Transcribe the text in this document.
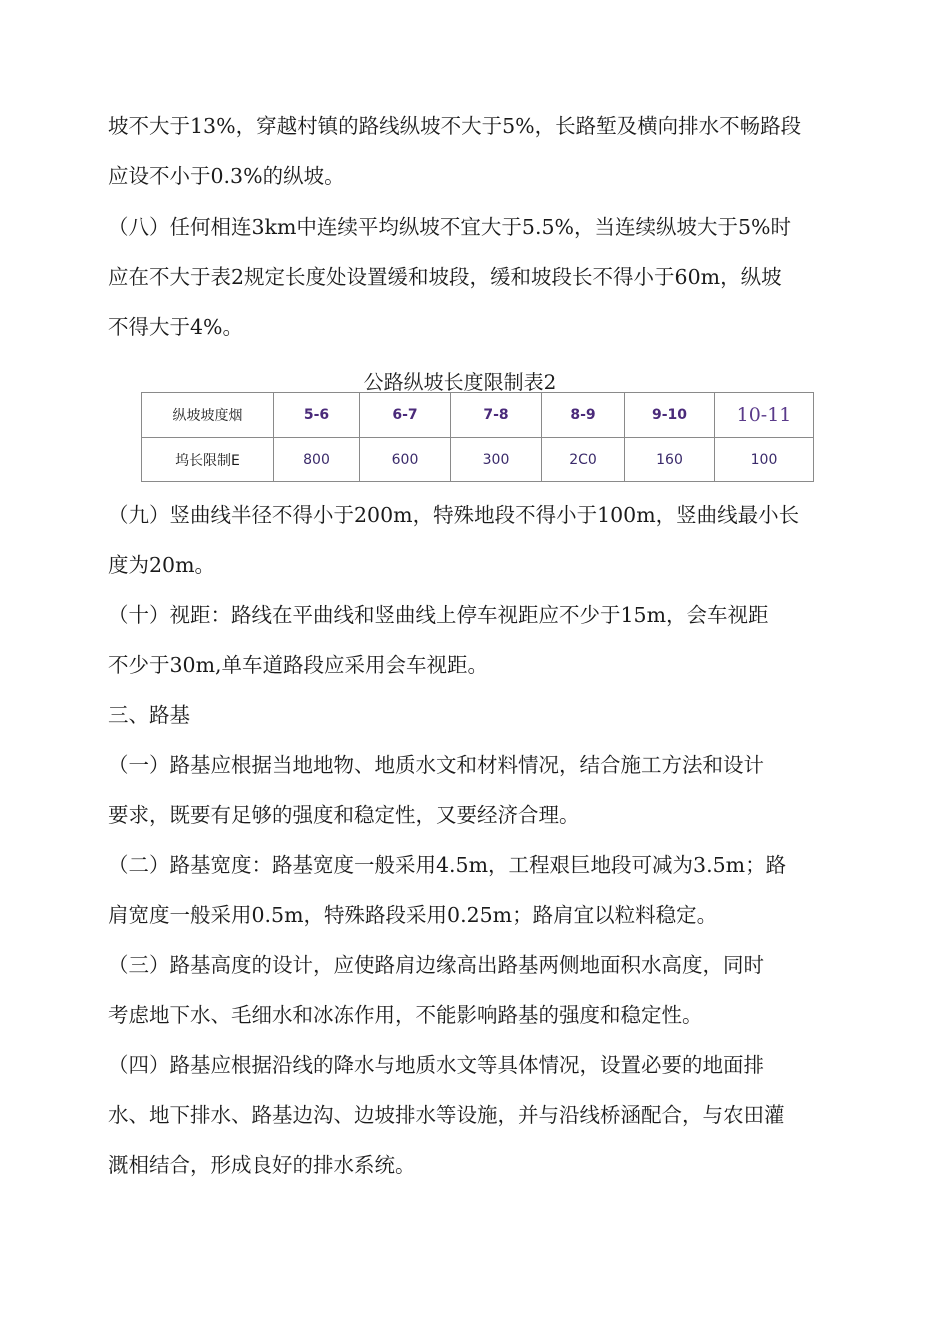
坡不大于13%，穿越村镇的路线纵坡不大于5%，长路堑及横向排水不畅路段
应设不小于0.3%的纵坡。
（八）任何相连3km中连续平均纵坡不宜大于5.5%，当连续纵坡大于5%时
应在不大于表2规定长度处设置缓和坡段，缓和坡段长不得小于60m，纵坡
不得大于4%。
公路纵坡长度限制表2
纵坡坡度烟	5-6	6-7	7-8	8-9	9-10	10-11
坞长限制E	800	600	300	2C0	160	100
（九）竖曲线半径不得小于200m，特殊地段不得小于100m，竖曲线最小长
度为20m。
（十）视距：路线在平曲线和竖曲线上停车视距应不少于15m，会车视距
不少于30m,单车道路段应采用会车视距。
三、路基
（一）路基应根据当地地物、地质水文和材料情况，结合施工方法和设计
要求，既要有足够的强度和稳定性，又要经济合理。
（二）路基宽度：路基宽度一般采用4.5m，工程艰巨地段可减为3.5m；路
肩宽度一般采用0.5m，特殊路段采用0.25m；路肩宜以粒料稳定。
（三）路基高度的设计，应使路肩边缘高出路基两侧地面积水高度，同时
考虑地下水、毛细水和冰冻作用，不能影响路基的强度和稳定性。
（四）路基应根据沿线的降水与地质水文等具体情况，设置必要的地面排
水、地下排水、路基边沟、边坡排水等设施，并与沿线桥涵配合，与农田灌
溉相结合，形成良好的排水系统。
